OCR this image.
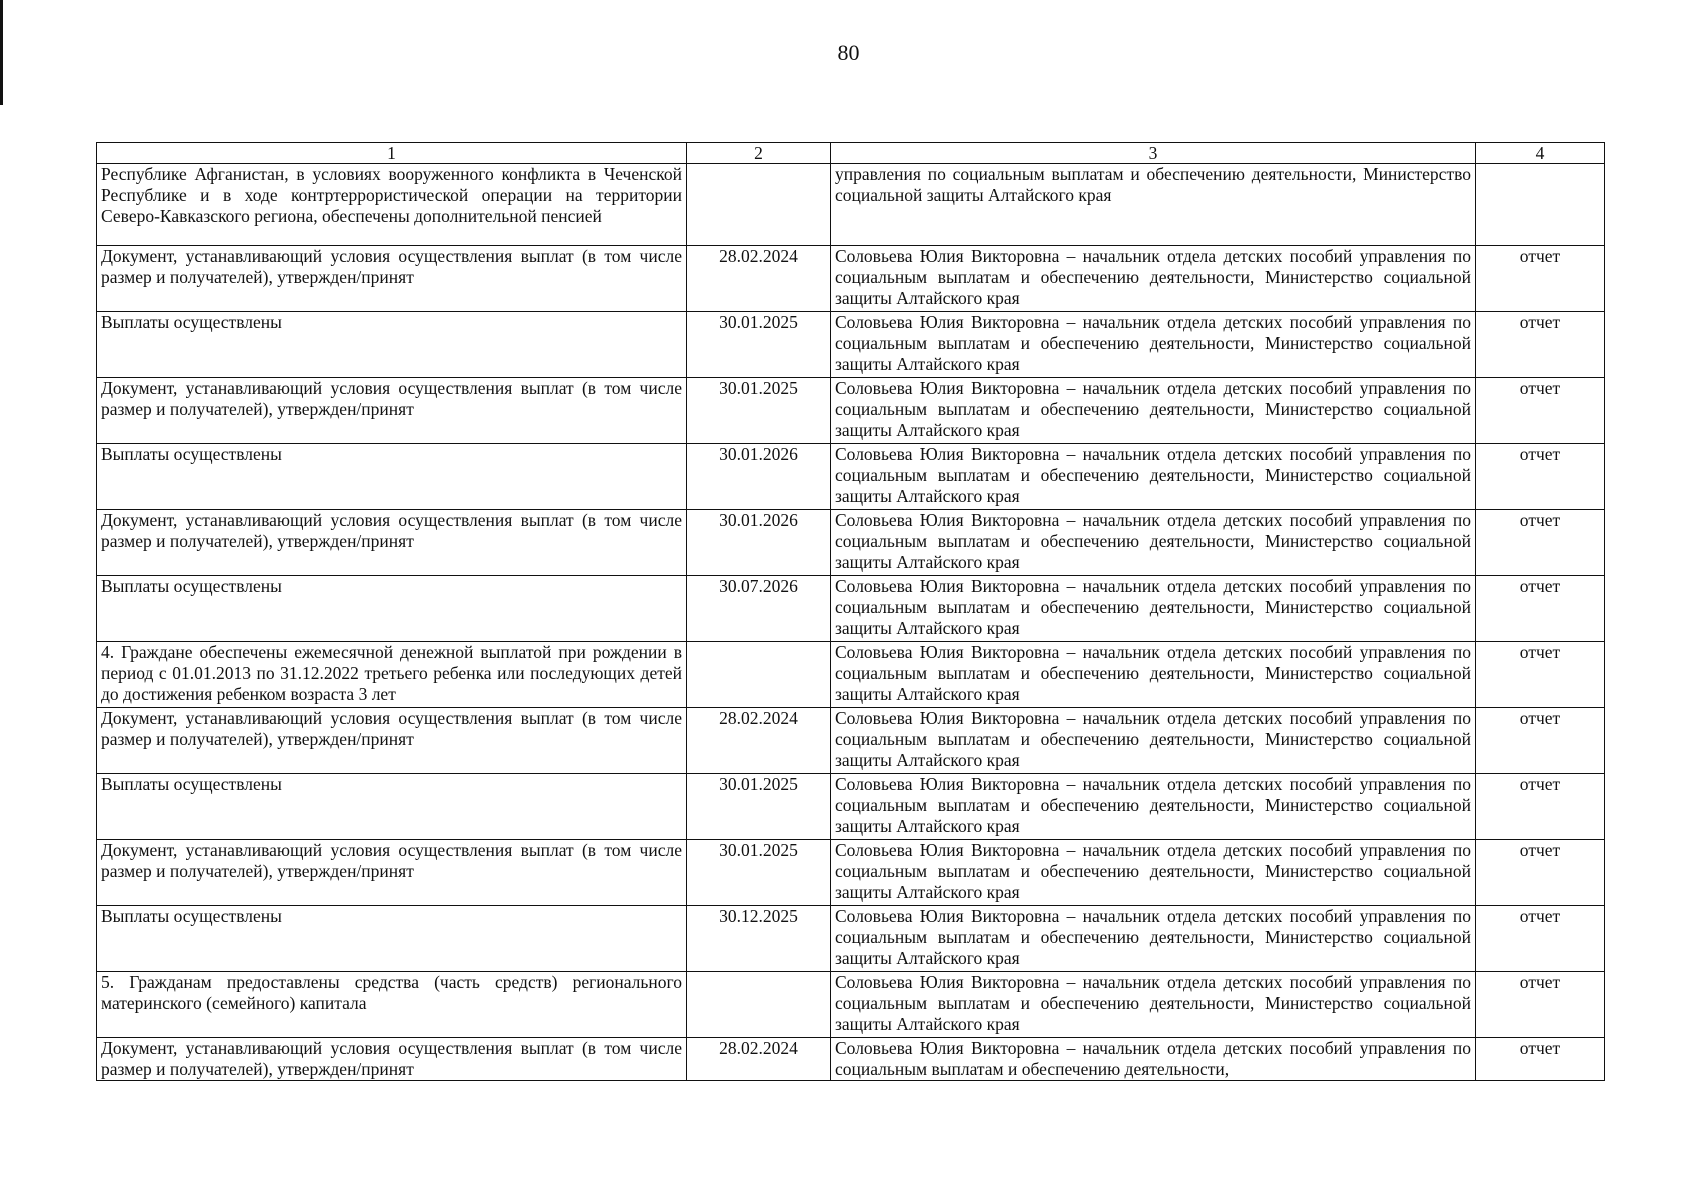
80
1	2	3	4
Республике Афганистан, в условиях вооруженного конфликта в Чеченской Республике и в ходе контртеррористической операции на территории Северо-Кавказского региона, обеспечены дополнительной пенсией		управления по социальным выплатам и обеспечению деятельности, Министерство социальной защиты Алтайского края	
Документ, устанавливающий условия осуществления выплат (в том числе размер и получателей), утвержден/принят	28.02.2024	Соловьева Юлия Викторовна – начальник отдела детских пособий управления по социальным выплатам и обеспечению деятельности, Министерство социальной защиты Алтайского края	отчет
Выплаты осуществлены	30.01.2025	Соловьева Юлия Викторовна – начальник отдела детских пособий управления по социальным выплатам и обеспечению деятельности, Министерство социальной защиты Алтайского края	отчет
Документ, устанавливающий условия осуществления выплат (в том числе размер и получателей), утвержден/принят	30.01.2025	Соловьева Юлия Викторовна – начальник отдела детских пособий управления по социальным выплатам и обеспечению деятельности, Министерство социальной защиты Алтайского края	отчет
Выплаты осуществлены	30.01.2026	Соловьева Юлия Викторовна – начальник отдела детских пособий управления по социальным выплатам и обеспечению деятельности, Министерство социальной защиты Алтайского края	отчет
Документ, устанавливающий условия осуществления выплат (в том числе размер и получателей), утвержден/принят	30.01.2026	Соловьева Юлия Викторовна – начальник отдела детских пособий управления по социальным выплатам и обеспечению деятельности, Министерство социальной защиты Алтайского края	отчет
Выплаты осуществлены	30.07.2026	Соловьева Юлия Викторовна – начальник отдела детских пособий управления по социальным выплатам и обеспечению деятельности, Министерство социальной защиты Алтайского края	отчет
4. Граждане обеспечены ежемесячной денежной выплатой при рождении в период с 01.01.2013 по 31.12.2022 третьего ребенка или последующих детей до достижения ребенком возраста 3 лет		Соловьева Юлия Викторовна – начальник отдела детских пособий управления по социальным выплатам и обеспечению деятельности, Министерство социальной защиты Алтайского края	отчет
Документ, устанавливающий условия осуществления выплат (в том числе размер и получателей), утвержден/принят	28.02.2024	Соловьева Юлия Викторовна – начальник отдела детских пособий управления по социальным выплатам и обеспечению деятельности, Министерство социальной защиты Алтайского края	отчет
Выплаты осуществлены	30.01.2025	Соловьева Юлия Викторовна – начальник отдела детских пособий управления по социальным выплатам и обеспечению деятельности, Министерство социальной защиты Алтайского края	отчет
Документ, устанавливающий условия осуществления выплат (в том числе размер и получателей), утвержден/принят	30.01.2025	Соловьева Юлия Викторовна – начальник отдела детских пособий управления по социальным выплатам и обеспечению деятельности, Министерство социальной защиты Алтайского края	отчет
Выплаты осуществлены	30.12.2025	Соловьева Юлия Викторовна – начальник отдела детских пособий управления по социальным выплатам и обеспечению деятельности, Министерство социальной защиты Алтайского края	отчет
5. Гражданам предоставлены средства (часть средств) регионального материнского (семейного) капитала		Соловьева Юлия Викторовна – начальник отдела детских пособий управления по социальным выплатам и обеспечению деятельности, Министерство социальной защиты Алтайского края	отчет
Документ, устанавливающий условия осуществления выплат (в том числе размер и получателей), утвержден/принят	28.02.2024	Соловьева Юлия Викторовна – начальник отдела детских пособий управления по социальным выплатам и обеспечению деятельности,	отчет
